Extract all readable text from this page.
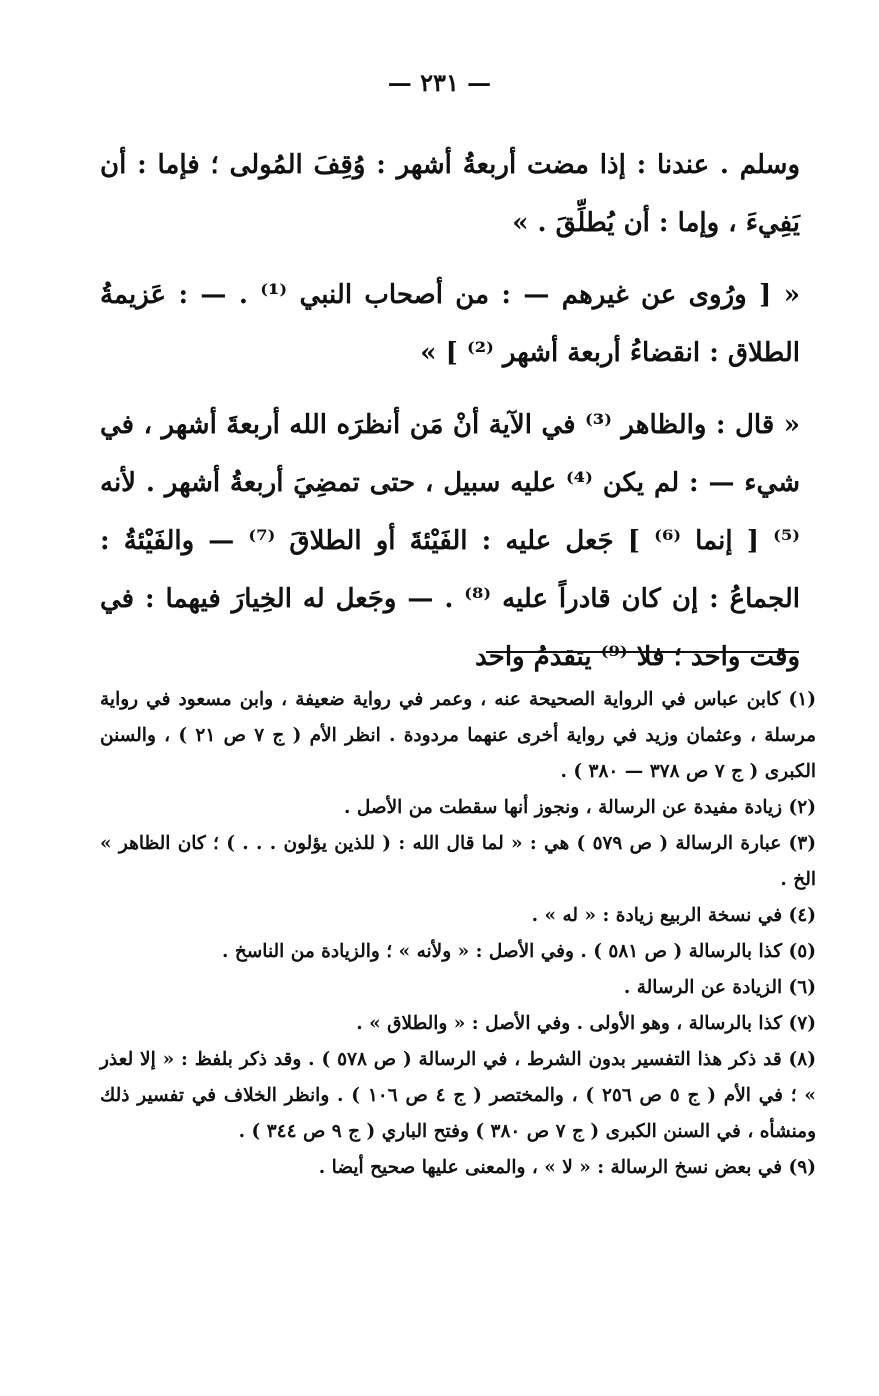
— ٢٣١ —

وسلم . عندنا : إذا مضت أربعةُ أشهر : وُقِفَ المُولى ؛ فإما : أن يَفِيءَ ، وإما : أن يُطلِّقَ . »

« [ ورُوى عن غيرهم — : من أصحاب النبي ⁽¹⁾ . — : عَزيمةُ الطلاق : انقضاءُ أربعة أشهر ⁽²⁾ ] »

« قال : والظاهر ⁽³⁾ في الآية أنْ مَن أنظرَه الله أربعةَ أشهر ، في شيء — : لم يكن ⁽⁴⁾ عليه سبيل ، حتى تمضِيَ أربعةُ أشهر . لأنه ⁽⁵⁾ [ إنما ⁽⁶⁾ ] جَعل عليه : الفَيْئةَ أو الطلاقَ ⁽⁷⁾ — والفَيْئةُ : الجماعُ : إن كان قادراً عليه ⁽⁸⁾ . — وجَعل له الخِيارَ فيهما : في وقت واحد ؛ فلا ⁽⁹⁾ يتقدمُ واحد

(١) كابن عباس في الرواية الصحيحة عنه ، وعمر في رواية ضعيفة ، وابن مسعود في رواية مرسلة ، وعثمان وزيد في رواية أخرى عنهما مردودة . انظر الأم ( ج ٧ ص ٢١ ) ، والسنن الكبرى ( ج ٧ ص ٣٧٨ — ٣٨٠ ) .

(٢) زيادة مفيدة عن الرسالة ، ونجوز أنها سقطت من الأصل .

(٣) عبارة الرسالة ( ص ٥٧٩ ) هي : « لما قال الله : ( للذين يؤلون . . . ) ؛ كان الظاهر » الخ .

(٤) في نسخة الربيع زيادة : « له » .

(٥) كذا بالرسالة ( ص ٥٨١ ) . وفي الأصل : « ولأنه » ؛ والزيادة من الناسخ .

(٦) الزيادة عن الرسالة .

(٧) كذا بالرسالة ، وهو الأولى . وفي الأصل : « والطلاق » .

(٨) قد ذكر هذا التفسير بدون الشرط ، في الرسالة ( ص ٥٧٨ ) . وقد ذكر بلفظ : « إلا لعذر » ؛ في الأم ( ج ٥ ص ٢٥٦ ) ، والمختصر ( ج ٤ ص ١٠٦ ) . وانظر الخلاف في تفسير ذلك ومنشأه ، في السنن الكبرى ( ج ٧ ص ٣٨٠ ) وفتح الباري ( ج ٩ ص ٣٤٤ ) .

(٩) في بعض نسخ الرسالة : « لا » ، والمعنى عليها صحيح أيضا .
